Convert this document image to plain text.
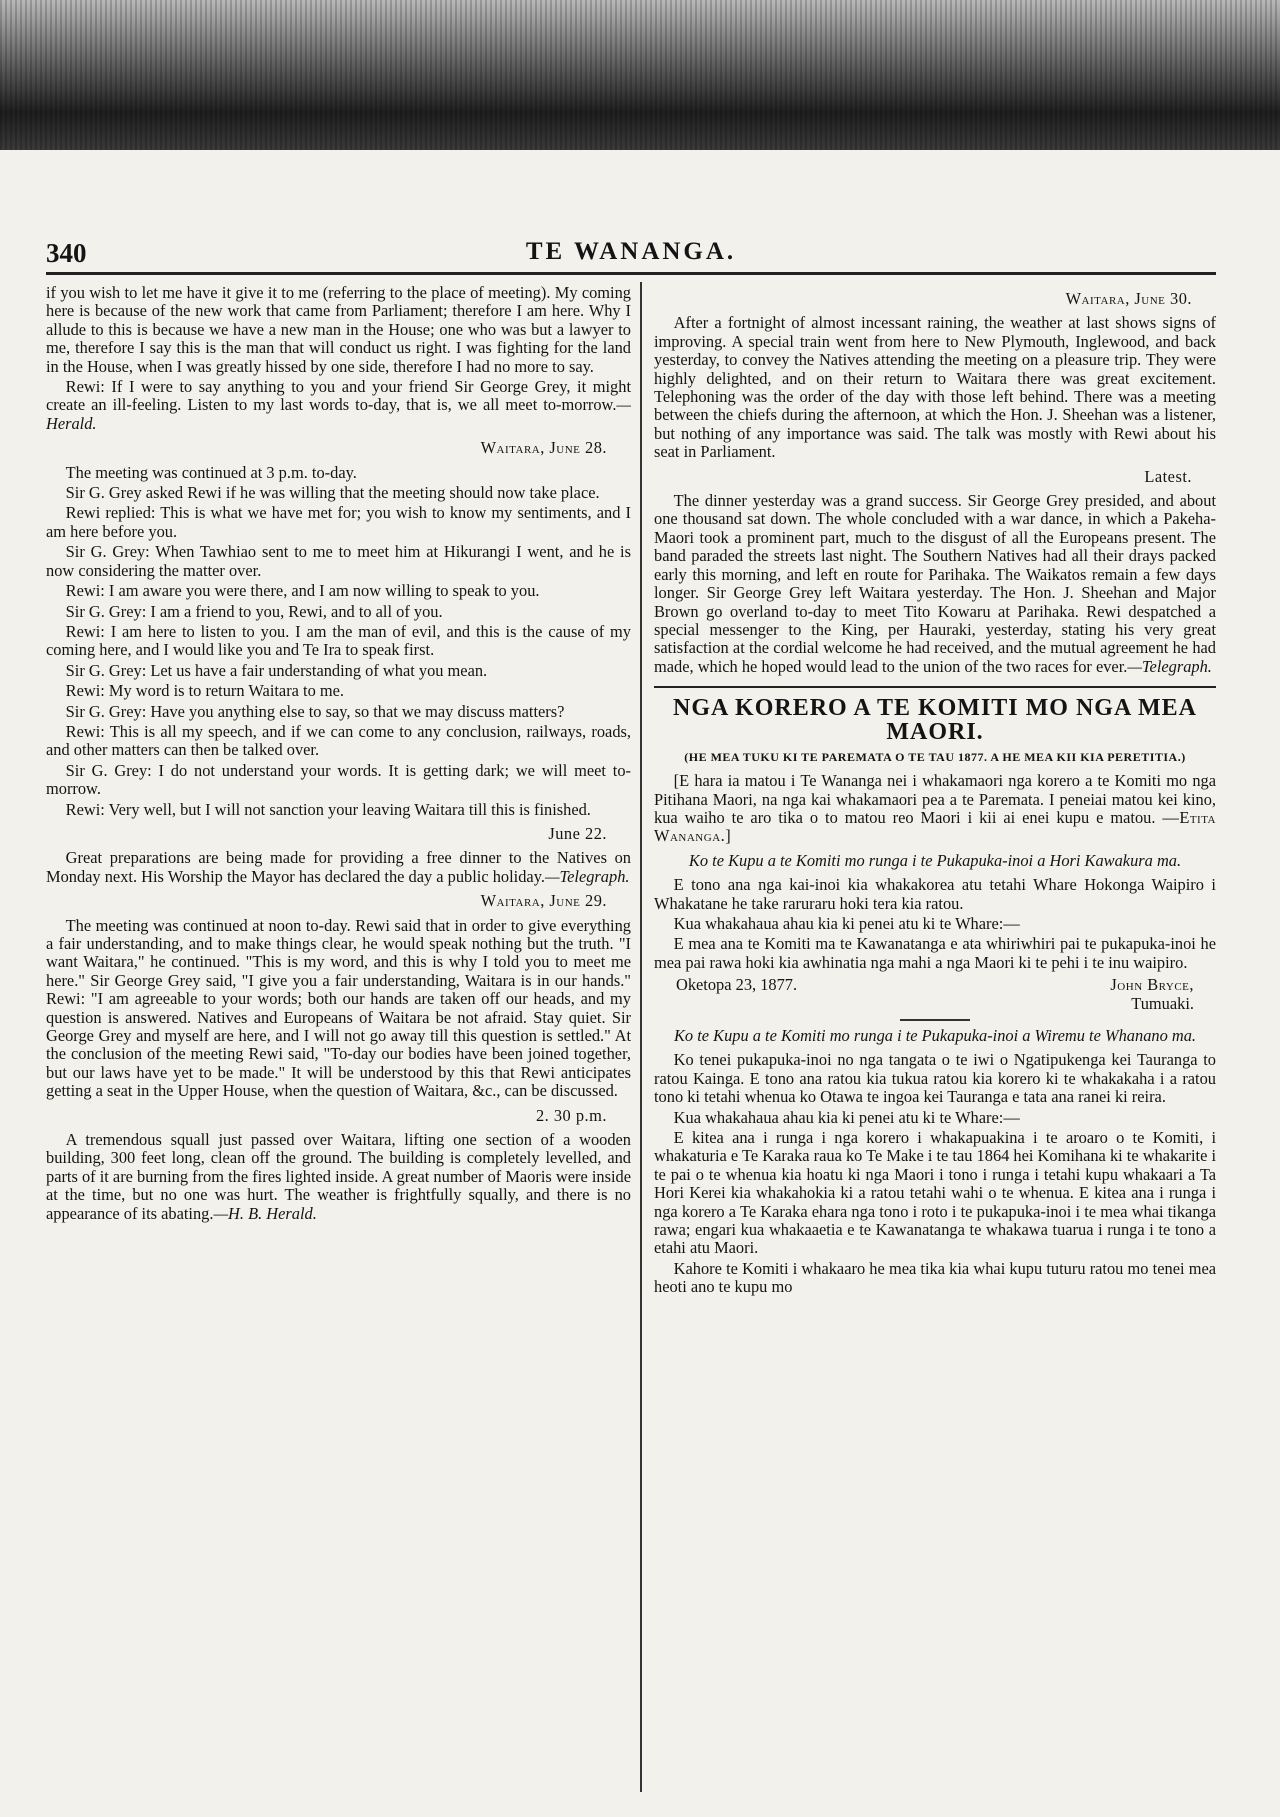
340	TE WANANGA.

if you wish to let me have it give it to me (referring to the place of meeting). My coming here is because of the new work that came from Parliament; therefore I am here. Why I allude to this is because we have a new man in the House; one who was but a lawyer to me, therefore I say this is the man that will conduct us right. I was fighting for the land in the House, when I was greatly hissed by one side, therefore I had no more to say.

Rewi: If I were to say anything to you and your friend Sir George Grey, it might create an ill-feeling. Listen to my last words to-day, that is, we all meet to-morrow.—Herald.

Waitara, June 28.

The meeting was continued at 3 p.m. to-day.

Sir G. Grey asked Rewi if he was willing that the meeting should now take place.

Rewi replied: This is what we have met for; you wish to know my sentiments, and I am here before you.

Sir G. Grey: When Tawhiao sent to me to meet him at Hikurangi I went, and he is now considering the matter over.

Rewi: I am aware you were there, and I am now willing to speak to you.

Sir G. Grey: I am a friend to you, Rewi, and to all of you.

Rewi: I am here to listen to you. I am the man of evil, and this is the cause of my coming here, and I would like you and Te Ira to speak first.

Sir G. Grey: Let us have a fair understanding of what you mean.

Rewi: My word is to return Waitara to me.

Sir G. Grey: Have you anything else to say, so that we may discuss matters?

Rewi: This is all my speech, and if we can come to any conclusion, railways, roads, and other matters can then be talked over.

Sir G. Grey: I do not understand your words. It is getting dark; we will meet to-morrow.

Rewi: Very well, but I will not sanction your leaving Waitara till this is finished.

June 22.

Great preparations are being made for providing a free dinner to the Natives on Monday next. His Worship the Mayor has declared the day a public holiday.—Telegraph.

Waitara, June 29.

The meeting was continued at noon to-day. Rewi said that in order to give everything a fair understanding, and to make things clear, he would speak nothing but the truth. "I want Waitara," he continued. "This is my word, and this is why I told you to meet me here." Sir George Grey said, "I give you a fair understanding, Waitara is in our hands." Rewi: "I am agreeable to your words; both our hands are taken off our heads, and my question is answered. Natives and Europeans of Waitara be not afraid. Stay quiet. Sir George Grey and myself are here, and I will not go away till this question is settled." At the conclusion of the meeting Rewi said, "To-day our bodies have been joined together, but our laws have yet to be made." It will be understood by this that Rewi anticipates getting a seat in the Upper House, when the question of Waitara, &c., can be discussed.

2. 30 p.m.

A tremendous squall just passed over Waitara, lifting one section of a wooden building, 300 feet long, clean off the ground. The building is completely levelled, and parts of it are burning from the fires lighted inside. A great number of Maoris were inside at the time, but no one was hurt. The weather is frightfully squally, and there is no appearance of its abating.—H. B. Herald.

Waitara, June 30.

After a fortnight of almost incessant raining, the weather at last shows signs of improving. A special train went from here to New Plymouth, Inglewood, and back yesterday, to convey the Natives attending the meeting on a pleasure trip. They were highly delighted, and on their return to Waitara there was great excitement. Telephoning was the order of the day with those left behind. There was a meeting between the chiefs during the afternoon, at which the Hon. J. Sheehan was a listener, but nothing of any importance was said. The talk was mostly with Rewi about his seat in Parliament.

Latest.

The dinner yesterday was a grand success. Sir George Grey presided, and about one thousand sat down. The whole concluded with a war dance, in which a Pakeha-Maori took a prominent part, much to the disgust of all the Europeans present. The band paraded the streets last night. The Southern Natives had all their drays packed early this morning, and left en route for Parihaka. The Waikatos remain a few days longer. Sir George Grey left Waitara yesterday. The Hon. J. Sheehan and Major Brown go overland to-day to meet Tito Kowaru at Parihaka. Rewi despatched a special messenger to the King, per Hauraki, yesterday, stating his very great satisfaction at the cordial welcome he had received, and the mutual agreement he had made, which he hoped would lead to the union of the two races for ever.—Telegraph.

NGA KORERO A TE KOMITI MO NGA MEA MAORI.
(HE MEA TUKU KI TE PAREMATA O TE TAU 1877. A HE MEA KII KIA PERETITIA.)

[E hara ia matou i Te Wananga nei i whakamaori nga korero a te Komiti mo nga Pitihana Maori, na nga kai whakamaori pea a te Paremata. I peneiai matou kei kino, kua waiho te aro tika o to matou reo Maori i kii ai enei kupu e matou. —Etita Wananga.]

Ko te Kupu a te Komiti mo runga i te Pukapuka-inoi a Hori Kawakura ma.

E tono ana nga kai-inoi kia whakakorea atu tetahi Whare Hokonga Waipiro i Whakatane he take raruraru hoki tera kia ratou.

Kua whakahaua ahau kia ki penei atu ki te Whare:—

E mea ana te Komiti ma te Kawanatanga e ata whiriwhiri pai te pukapuka-inoi he mea pai rawa hoki kia awhinatia nga mahi a nga Maori ki te pehi i te inu waipiro.

Oketopa 23, 1877.	John Bryce,
Tumuaki.

Ko te Kupu a te Komiti mo runga i te Pukapuka-inoi a Wiremu te Whanano ma.

Ko tenei pukapuka-inoi no nga tangata o te iwi o Ngatipukenga kei Tauranga to ratou Kainga. E tono ana ratou kia tukua ratou kia korero ki te whakakaha i a ratou tono ki tetahi whenua ko Otawa te ingoa kei Tauranga e tata ana ranei ki reira.

Kua whakahaua ahau kia ki penei atu ki te Whare:—

E kitea ana i runga i nga korero i whakapuakina i te aroaro o te Komiti, i whakaturia e Te Karaka raua ko Te Make i te tau 1864 hei Komihana ki te whakarite i te pai o te whenua kia hoatu ki nga Maori i tono i runga i tetahi kupu whakaari a Ta Hori Kerei kia whakahokia ki a ratou tetahi wahi o te whenua. E kitea ana i runga i nga korero a Te Karaka ehara nga tono i roto i te pukapuka-inoi i te mea whai tikanga rawa; engari kua whakaaetia e te Kawanatanga te whakawa tuarua i runga i te tono a etahi atu Maori.

Kahore te Komiti i whakaaro he mea tika kia whai kupu tuturu ratou mo tenei mea heoti ano te kupu mo
